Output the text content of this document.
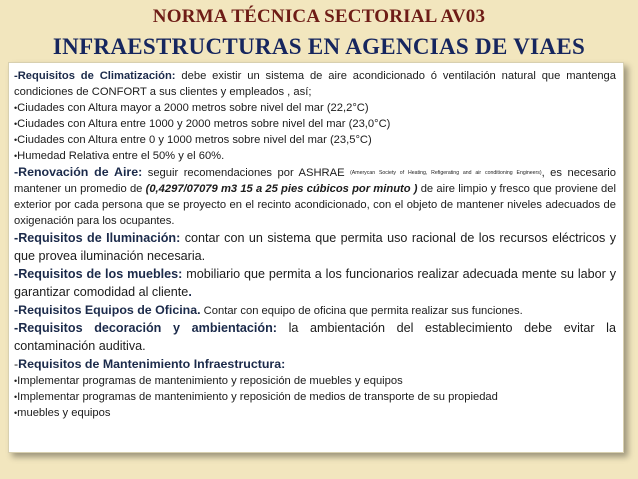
NORMA TÉCNICA SECTORIAL AV03
INFRAESTRUCTURAS EN AGENCIAS DE VIAES

-Requisitos de Climatización: debe existir un sistema de aire acondicionado ó ventilación natural que mantenga condiciones de CONFORT a sus clientes y empleados , así;

•Ciudades con Altura mayor a 2000 metros sobre nivel del mar (22,2°C)

•Ciudades con Altura entre 1000 y 2000 metros sobre nivel del mar (23,0°C)

•Ciudades con Altura entre 0 y 1000 metros sobre nivel del mar (23,5°C)

•Humedad Relativa entre el 50% y el 60%.

-Renovación de Aire: seguir recomendaciones por ASHRAE (Amerycan Society of Heating, Refigerating and air conditioning Engineers), es necesario mantener un promedio de (0,4297/07079 m3 15 a 25 pies cúbicos por minuto ) de aire limpio y fresco que proviene del exterior por cada persona que se proyecto en el recinto acondicionado, con el objeto de mantener niveles adecuados de oxigenación para los ocupantes.

-Requisitos de Iluminación: contar con un sistema que permita uso racional de los recursos eléctricos y que provea iluminación necesaria.

-Requisitos de los muebles: mobiliario que permita a los funcionarios realizar adecuada mente su labor y garantizar comodidad al cliente.

-Requisitos Equipos de Oficina. Contar con equipo de oficina que permita realizar sus funciones.

-Requisitos decoración y ambientación: la ambientación del establecimiento debe evitar la contaminación auditiva.

-Requisitos de Mantenimiento Infraestructura:

•Implementar programas de mantenimiento y reposición de muebles y equipos

•Implementar programas de mantenimiento y reposición de medios de transporte de su propiedad

•muebles y equipos
